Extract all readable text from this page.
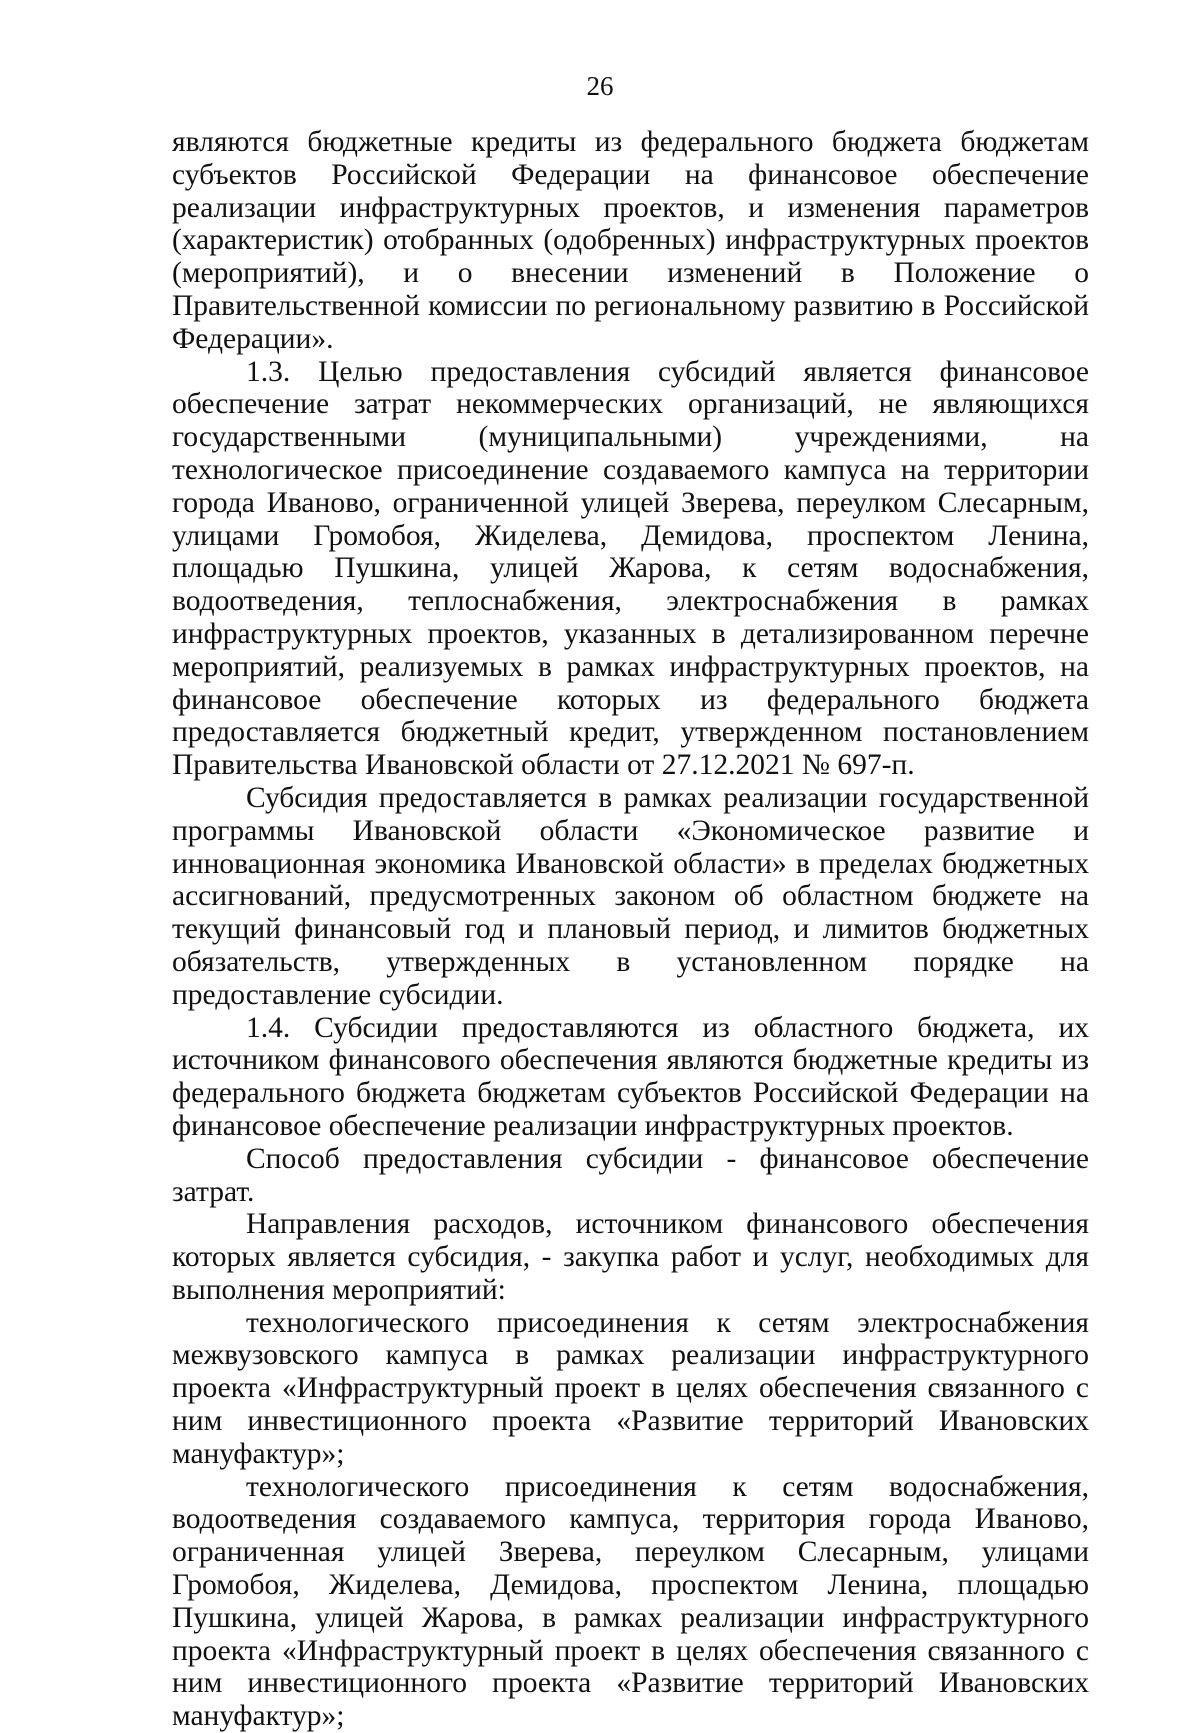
26

являются бюджетные кредиты из федерального бюджета бюджетам субъектов Российской Федерации на финансовое обеспечение реализации инфраструктурных проектов, и изменения параметров (характеристик) отобранных (одобренных) инфраструктурных проектов (мероприятий), и о внесении изменений в Положение о Правительственной комиссии по региональному развитию в Российской Федерации».

1.3. Целью предоставления субсидий является финансовое обеспечение затрат некоммерческих организаций, не являющихся государственными (муниципальными) учреждениями, на технологическое присоединение создаваемого кампуса на территории города Иваново, ограниченной улицей Зверева, переулком Слесарным, улицами Громобоя, Жиделева, Демидова, проспектом Ленина, площадью Пушкина, улицей Жарова, к сетям водоснабжения, водоотведения, теплоснабжения, электроснабжения в рамках инфраструктурных проектов, указанных в детализированном перечне мероприятий, реализуемых в рамках инфраструктурных проектов, на финансовое обеспечение которых из федерального бюджета предоставляется бюджетный кредит, утвержденном постановлением Правительства Ивановской области от 27.12.2021 № 697-п.

Субсидия предоставляется в рамках реализации государственной программы Ивановской области «Экономическое развитие и инновационная экономика Ивановской области» в пределах бюджетных ассигнований, предусмотренных законом об областном бюджете на текущий финансовый год и плановый период, и лимитов бюджетных обязательств, утвержденных в установленном порядке на предоставление субсидии.

1.4. Субсидии предоставляются из областного бюджета, их источником финансового обеспечения являются бюджетные кредиты из федерального бюджета бюджетам субъектов Российской Федерации на финансовое обеспечение реализации инфраструктурных проектов.

Способ предоставления субсидии - финансовое обеспечение затрат.

Направления расходов, источником финансового обеспечения которых является субсидия, - закупка работ и услуг, необходимых для выполнения мероприятий:

технологического присоединения к сетям электроснабжения межвузовского кампуса в рамках реализации инфраструктурного проекта «Инфраструктурный проект в целях обеспечения связанного с ним инвестиционного проекта «Развитие территорий Ивановских мануфактур»;

технологического присоединения к сетям водоснабжения, водоотведения создаваемого кампуса, территория города Иваново, ограниченная улицей Зверева, переулком Слесарным, улицами Громобоя, Жиделева, Демидова, проспектом Ленина, площадью Пушкина, улицей Жарова, в рамках реализации инфраструктурного проекта «Инфраструктурный проект в целях обеспечения связанного с ним инвестиционного проекта «Развитие территорий Ивановских мануфактур»;
